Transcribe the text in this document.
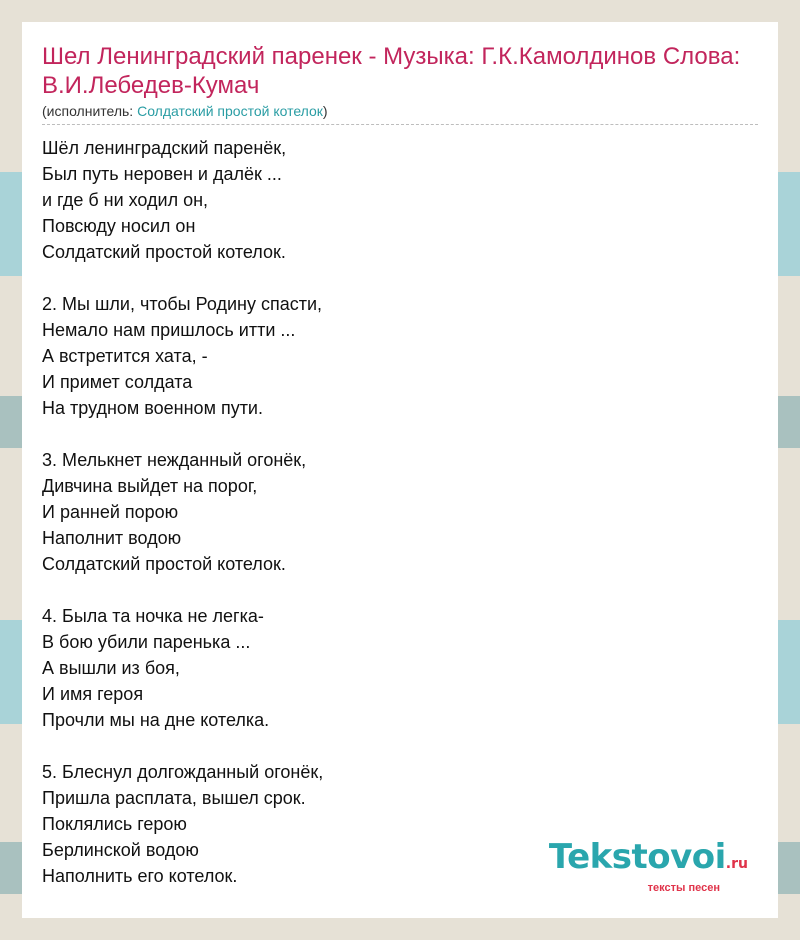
Шел Ленинградский паренек - Музыка: Г.К.Камолдинов Слова: В.И.Лебедев-Кумач
(исполнитель: Солдатский простой котелок)
Шёл ленинградский паренёк,
Был путь неровен и далёк ...
и где б ни ходил он,
Повсюду носил он
Солдатский простой котелок.
2. Мы шли, чтобы Родину спасти,
Немало нам пришлось итти ...
А встретится хата, -
И примет солдата
На трудном военном пути.
3. Мелькнет нежданный огонёк,
Дивчина выйдет на порог,
И ранней порою
Наполнит водою
Солдатский простой котелок.
4. Была та ночка не легка-
В бою убили паренька ...
А вышли из боя,
И имя героя
Прочли мы на дне котелка.
5. Блеснул долгожданный огонёк,
Пришла расплата, вышел срок.
Поклялись герою
Берлинской водою
Наполнить его котелок.	Tekstovoi.ru
тексты песен
